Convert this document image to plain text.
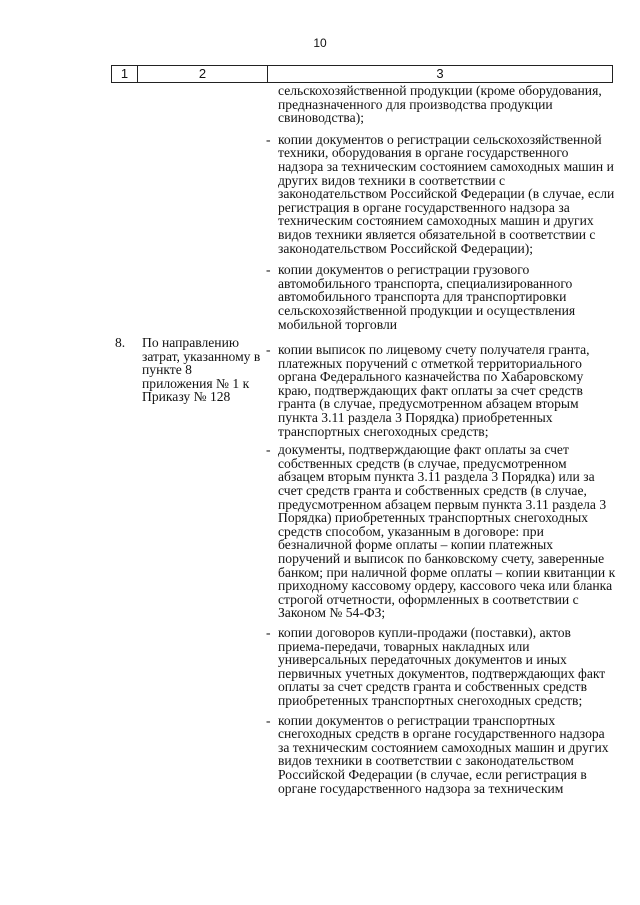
10
1	2	3
8. По направлению затрат, указанному в пункте 8 приложения № 1 к Приказу № 128
сельскохозяйственной продукции (кроме оборудования, предназначенного для производства продукции свиноводства);
- копии документов о регистрации сельскохозяйственной техники, оборудования в органе государственного надзора за техническим состоянием самоходных машин и других видов техники в соответствии с законодательством Российской Федерации (в случае, если регистрация в органе государственного надзора за техническим состоянием самоходных машин и других видов техники является обязательной в соответствии с законодательством Российской Федерации);
- копии документов о регистрации грузового автомобильного транспорта, специализированного автомобильного транспорта для транспортировки сельскохозяйственной продукции и осуществления мобильной торговли
- копии выписок по лицевому счету получателя гранта, платежных поручений с отметкой территориального органа Федерального казначейства по Хабаровскому краю, подтверждающих факт оплаты за счет средств гранта (в случае, предусмотренном абзацем вторым пункта 3.11 раздела 3 Порядка) приобретенных транспортных снегоходных средств;
- документы, подтверждающие факт оплаты за счет собственных средств (в случае, предусмотренном абзацем вторым пункта 3.11 раздела 3 Порядка) или за счет средств гранта и собственных средств (в случае, предусмотренном абзацем первым пункта 3.11 раздела 3 Порядка) приобретенных транспортных снегоходных средств способом, указанным в договоре: при безналичной форме оплаты – копии платежных поручений и выписок по банковскому счету, заверенные банком; при наличной форме оплаты – копии квитанции к приходному кассовому ордеру, кассового чека или бланка строгой отчетности, оформленных в соответствии с Законом № 54-ФЗ;
- копии договоров купли-продажи (поставки), актов приема-передачи, товарных накладных или универсальных передаточных документов и иных первичных учетных документов, подтверждающих факт оплаты за счет средств гранта и собственных средств приобретенных транспортных снегоходных средств;
- копии документов о регистрации транспортных снегоходных средств в органе государственного надзора за техническим состоянием самоходных машин и других видов техники в соответствии с законодательством Российской Федерации (в случае, если регистрация в органе государственного надзора за техническим
